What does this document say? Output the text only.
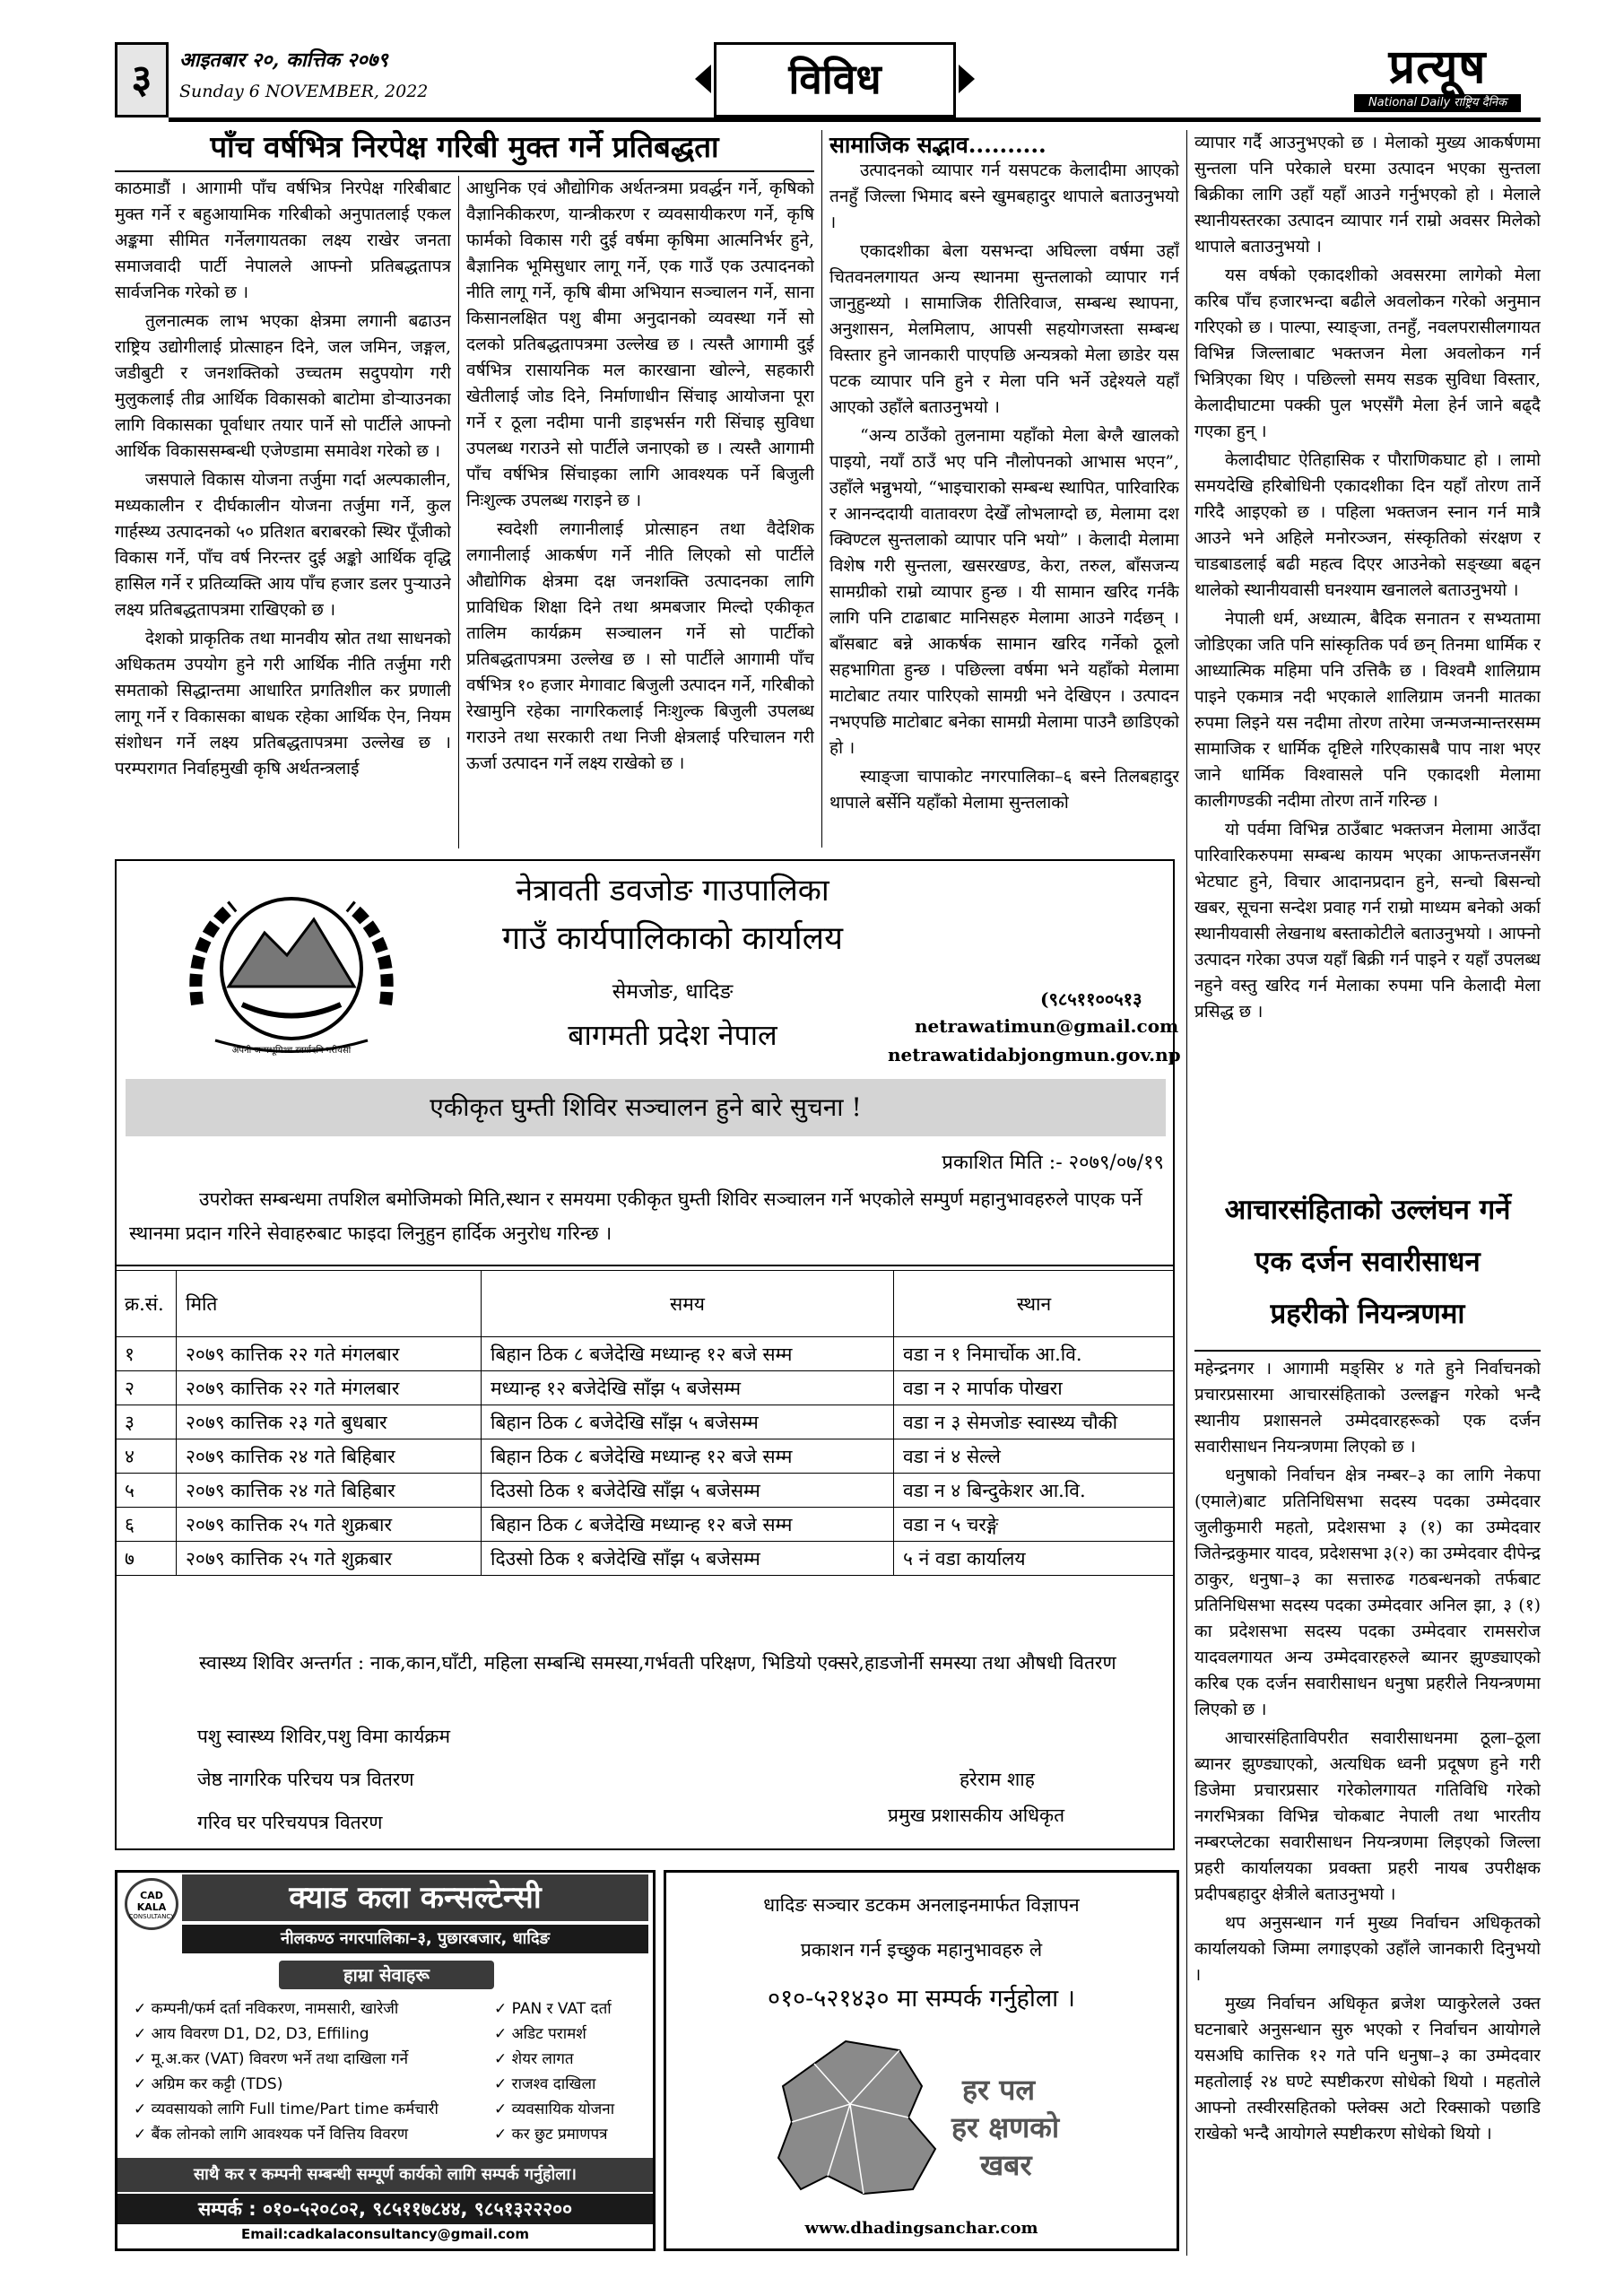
३	आइतबार २०, कात्तिक २०७९
Sunday 6 NOVEMBER, 2022	विविध	प्रत्यूष
National Daily राष्ट्रिय दैनिक
पाँच वर्षभित्र निरपेक्ष गरिबी मुक्त गर्ने प्रतिबद्धता

काठमाडौं । आगामी पाँच वर्षभित्र निरपेक्ष गरिबीबाट मुक्त गर्ने र बहुआयामिक गरिबीको अनुपातलाई एकल अङ्कमा सीमित गर्नेलगायतका लक्ष्य राखेर जनता समाजवादी पार्टी नेपालले आफ्नो प्रतिबद्धतापत्र सार्वजनिक गरेको छ ।

तुलनात्मक लाभ भएका क्षेत्रमा लगानी बढाउन राष्ट्रिय उद्योगीलाई प्रोत्साहन दिने, जल जमिन, जङ्गल, जडीबुटी र जनशक्तिको उच्चतम सदुपयोग गरी मुलुकलाई तीव्र आर्थिक विकासको बाटोमा डोऱ्याउनका लागि विकासका पूर्वाधार तयार पार्ने सो पार्टीले आफ्नो आर्थिक विकाससम्बन्धी एजेण्डामा समावेश गरेको छ ।

जसपाले विकास योजना तर्जुमा गर्दा अल्पकालीन, मध्यकालीन र दीर्घकालीन योजना तर्जुमा गर्ने, कुल गार्हस्थ्य उत्पादनको ५० प्रतिशत बराबरको स्थिर पूँजीको विकास गर्ने, पाँच वर्ष निरन्तर दुई अङ्को आर्थिक वृद्धि हासिल गर्ने र प्रतिव्यक्ति आय पाँच हजार डलर पुऱ्याउने लक्ष्य प्रतिबद्धतापत्रमा राखिएको छ ।

देशको प्राकृतिक तथा मानवीय स्रोत तथा साधनको अधिकतम उपयोग हुने गरी आर्थिक नीति तर्जुमा गरी समताको सिद्धान्तमा आधारित प्रगतिशील कर प्रणाली लागू गर्ने र विकासका बाधक रहेका आर्थिक ऐन, नियम संशोधन गर्ने लक्ष्य प्रतिबद्धतापत्रमा उल्लेख छ । परम्परागत निर्वाहमुखी कृषि अर्थतन्त्रलाई

आधुनिक एवं औद्योगिक अर्थतन्त्रमा प्रवर्द्धन गर्ने, कृषिको वैज्ञानिकीकरण, यान्त्रीकरण र व्यवसायीकरण गर्ने, कृषि फार्मको विकास गरी दुई वर्षमा कृषिमा आत्मनिर्भर हुने, बैज्ञानिक भूमिसुधार लागू गर्ने, एक गाउँ एक उत्पादनको नीति लागू गर्ने, कृषि बीमा अभियान सञ्चालन गर्ने, साना किसानलक्षित पशु बीमा अनुदानको व्यवस्था गर्ने सो दलको प्रतिबद्धतापत्रमा उल्लेख छ । त्यस्तै आगामी दुई वर्षभित्र रासायनिक मल कारखाना खोल्ने, सहकारी खेतीलाई जोड दिने, निर्माणाधीन सिंचाइ आयोजना पूरा गर्ने र ठूला नदीमा पानी डाइभर्सन गरी सिंचाइ सुविधा उपलब्ध गराउने सो पार्टीले जनाएको छ । त्यस्तै आगामी पाँच वर्षभित्र सिंचाइका लागि आवश्यक पर्ने बिजुली निःशुल्क उपलब्ध गराइने छ ।

स्वदेशी लगानीलाई प्रोत्साहन तथा वैदेशिक लगानीलाई आकर्षण गर्ने नीति लिएको सो पार्टीले औद्योगिक क्षेत्रमा दक्ष जनशक्ति उत्पादनका लागि प्राविधिक शिक्षा दिने तथा श्रमबजार मिल्दो एकीकृत तालिम कार्यक्रम सञ्चालन गर्ने सो पार्टीको प्रतिबद्धतापत्रमा उल्लेख छ । सो पार्टीले आगामी पाँच वर्षभित्र १० हजार मेगावाट बिजुली उत्पादन गर्ने, गरिबीको रेखामुनि रहेका नागरिकलाई निःशुल्क बिजुली उपलब्ध गराउने तथा सरकारी तथा निजी क्षेत्रलाई परिचालन गरी ऊर्जा उत्पादन गर्ने लक्ष्य राखेको छ ।

सामाजिक सद्भाव..........

उत्पादनको व्यापार गर्न यसपटक केलादीमा आएको तनहुँ जिल्ला भिमाद बस्ने खुमबहादुर थापाले बताउनुभयो ।

एकादशीका बेला यसभन्दा अघिल्ला वर्षमा उहाँ चितवनलगायत अन्य स्थानमा सुन्तलाको व्यापार गर्न जानुहुन्थ्यो । सामाजिक रीतिरिवाज, सम्बन्ध स्थापना, अनुशासन, मेलमिलाप, आपसी सहयोगजस्ता सम्बन्ध विस्तार हुने जानकारी पाएपछि अन्यत्रको मेला छाडेर यस पटक व्यापार पनि हुने र मेला पनि भर्ने उद्देश्यले यहाँ आएको उहाँले बताउनुभयो ।

“अन्य ठाउँको तुलनामा यहाँको मेला बेग्लै खालको पाइयो, नयाँ ठाउँ भए पनि नौलोपनको आभास भएन”, उहाँले भन्नुभयो, “भाइचाराको सम्बन्ध स्थापित, पारिवारिक र आनन्ददायी वातावरण देखेँ लोभलाग्दो छ, मेलामा दश क्विण्टल सुन्तलाको व्यापार पनि भयो” । केलादी मेलामा विशेष गरी सुन्तला, खसरखण्ड, केरा, तरुल, बाँसजन्य सामग्रीको राम्रो व्यापार हुन्छ । यी सामान खरिद गर्नकै लागि पनि टाढाबाट मानिसहरु मेलामा आउने गर्दछन् । बाँसबाट बन्ने आकर्षक सामान खरिद गर्नेको ठूलो सहभागिता हुन्छ । पछिल्ला वर्षमा भने यहाँको मेलामा माटोबाट तयार पारिएको सामग्री भने देखिएन । उत्पादन नभएपछि माटोबाट बनेका सामग्री मेलामा पाउनै छाडिएको हो ।

स्याङ्जा चापाकोट नगरपालिका–६ बस्ने तिलबहादुर थापाले बर्सेनि यहाँको मेलामा सुन्तलाको

व्यापार गर्दै आउनुभएको छ । मेलाको मुख्य आकर्षणमा सुन्तला पनि परेकाले घरमा उत्पादन भएका सुन्तला बिक्रीका लागि उहाँ यहाँ आउने गर्नुभएको हो । मेलाले स्थानीयस्तरका उत्पादन व्यापार गर्न राम्रो अवसर मिलेको थापाले बताउनुभयो ।

यस वर्षको एकादशीको अवसरमा लागेको मेला करिब पाँच हजारभन्दा बढीले अवलोकन गरेको अनुमान गरिएको छ । पाल्पा, स्याङ्जा, तनहुँ, नवलपरासीलगायत विभिन्न जिल्लाबाट भक्तजन मेला अवलोकन गर्न भित्रिएका थिए । पछिल्लो समय सडक सुविधा विस्तार, केलादीघाटमा पक्की पुल भएसँगै मेला हेर्न जाने बढ्दै गएका हुन् ।

केलादीघाट ऐतिहासिक र पौराणिकघाट हो । लामो समयदेखि हरिबोधिनी एकादशीका दिन यहाँ तोरण तार्ने गरिदै आइएको छ । पहिला भक्तजन स्नान गर्न मात्रै आउने भने अहिले मनोरञ्जन, संस्कृतिको संरक्षण र चाडबाडलाई बढी महत्व दिएर आउनेको सङ्ख्या बढ्न थालेको स्थानीयवासी घनश्याम खनालले बताउनुभयो ।

नेपाली धर्म, अध्यात्म, बैदिक सनातन र सभ्यतामा जोडिएका जति पनि सांस्कृतिक पर्व छन् तिनमा धार्मिक र आध्यात्मिक महिमा पनि उत्तिकै छ । विश्वमै शालिग्राम पाइने एकमात्र नदी भएकाले शालिग्राम जननी मातका रुपमा लिइने यस नदीमा तोरण तारेमा जन्मजन्मान्तरसम्म सामाजिक र धार्मिक दृष्टिले गरिएकासबै पाप नाश भएर जाने धार्मिक विश्वासले पनि एकादशी मेलामा कालीगण्डकी नदीमा तोरण तार्ने गरिन्छ ।

यो पर्वमा विभिन्न ठाउँबाट भक्तजन मेलामा आउँदा पारिवारिकरुपमा सम्बन्ध कायम भएका आफन्तजनसँग भेटघाट हुने, विचार आदानप्रदान हुने, सन्चो बिसन्चो खबर, सूचना सन्देश प्रवाह गर्न राम्रो माध्यम बनेको अर्का स्थानीयवासी लेखनाथ बस्ताकोटीले बताउनुभयो । आफ्नो उत्पादन गरेका उपज यहाँ बिक्री गर्न पाइने र यहाँ उपलब्ध नहुने वस्तु खरिद गर्न मेलाका रुपमा पनि केलादी मेला प्रसिद्ध छ ।

आचारसंहिताको उल्लंघन गर्ने
एक दर्जन सवारीसाधन
प्रहरीको नियन्त्रणमा

महेन्द्रनगर । आगामी मङ्सिर ४ गते हुने निर्वाचनको प्रचारप्रसारमा आचारसंहिताको उल्लङ्घन गरेको भन्दै स्थानीय प्रशासनले उम्मेदवारहरूको एक दर्जन सवारीसाधन नियन्त्रणमा लिएको छ ।

धनुषाको निर्वाचन क्षेत्र नम्बर–३ का लागि नेकपा (एमाले)बाट प्रतिनिधिसभा सदस्य पदका उम्मेदवार जुलीकुमारी महतो, प्रदेशसभा ३ (१) का उम्मेदवार जितेन्द्रकुमार यादव, प्रदेशसभा ३(२) का उम्मेदवार दीपेन्द्र ठाकुर, धनुषा–३ का सत्तारुढ गठबन्धनको तर्फबाट प्रतिनिधिसभा सदस्य पदका उम्मेदवार अनिल झा, ३ (१) का प्रदेशसभा सदस्य पदका उम्मेदवार रामसरोज यादवलगायत अन्य उम्मेदवारहरुले ब्यानर झुण्ड्याएको करिब एक दर्जन सवारीसाधन धनुषा प्रहरीले नियन्त्रणमा लिएको छ ।

आचारसंहिताविपरीत सवारीसाधनमा ठूला–ठूला ब्यानर झुण्ड्याएको, अत्यधिक ध्वनी प्रदूषण हुने गरी डिजेमा प्रचारप्रसार गरेकोलगायत गतिविधि गरेको नगरभित्रका विभिन्न चोकबाट नेपाली तथा भारतीय नम्बरप्लेटका सवारीसाधन नियन्त्रणमा लिइएको जिल्ला प्रहरी कार्यालयका प्रवक्ता प्रहरी नायब उपरीक्षक प्रदीपबहादुर क्षेत्रीले बताउनुभयो ।

थप अनुसन्धान गर्न मुख्य निर्वाचन अधिकृतको कार्यालयको जिम्मा लगाइएको उहाँले जानकारी दिनुभयो ।

मुख्य निर्वाचन अधिकृत ब्रजेश प्याकुरेलले उक्त घटनाबारे अनुसन्धान सुरु भएको र निर्वाचन आयोगले यसअघि कात्तिक १२ गते पनि धनुषा–३ का उम्मेदवार महतोलाई २४ घण्टे स्पष्टीकरण सोधेको थियो । महतोले आफ्नो तस्वीरसहितको फ्लेक्स अटो रिक्साको पछाडि राखेको भन्दै आयोगले स्पष्टीकरण सोधेको थियो ।

अपनी जन्मभूमिश्च स्वर्गादपि गरीयसी
नेत्रावती डवजोङ गाउपालिका
गाउँ कार्यपालिकाको कार्यालय
सेमजोङ, धादिङ
बागमती प्रदेश नेपाल
(९८५११००५१३
netrawatimun@gmail.com
netrawatidabjongmun.gov.np
एकीकृत घुम्ती शिविर सञ्चालन हुने बारे सुचना !
प्रकाशित मिति :- २०७९/०७/१९
उपरोक्त सम्बन्धमा तपशिल बमोजिमको मिति,स्थान र समयमा एकीकृत घुम्ती शिविर सञ्चालन गर्ने भएकोले सम्पुर्ण महानुभावहरुले पाएक पर्ने स्थानमा प्रदान गरिने सेवाहरुबाट फाइदा लिनुहुन हार्दिक अनुरोध गरिन्छ ।
क्र.सं.	मिति	समय	स्थान
१	२०७९ कात्तिक २२ गते मंगलबार	बिहान ठिक ८ बजेदेखि मध्यान्ह १२ बजे सम्म	वडा न १ निमार्चोक आ.वि.
२	२०७९ कात्तिक २२ गते मंगलबार	मध्यान्ह १२ बजेदेखि साँझ ५ बजेसम्म	वडा न २ मार्पाक पोखरा
३	२०७९ कात्तिक २३ गते बुधबार	बिहान ठिक ८ बजेदेखि साँझ ५ बजेसम्म	वडा न ३ सेमजोङ स्वास्थ्य चौकी
४	२०७९ कात्तिक २४ गते बिहिबार	बिहान ठिक ८ बजेदेखि मध्यान्ह १२ बजे सम्म	वडा नं ४ सेल्ले
५	२०७९ कात्तिक २४ गते बिहिबार	दिउसो ठिक १ बजेदेखि साँझ ५ बजेसम्म	वडा न ४ बिन्दुकेशर आ.वि.
६	२०७९ कात्तिक २५ गते शुक्रबार	बिहान ठिक ८ बजेदेखि मध्यान्ह १२ बजे सम्म	वडा न ५ चरङ्गे
७	२०७९ कात्तिक २५ गते शुक्रबार	दिउसो ठिक १ बजेदेखि साँझ ५ बजेसम्म	५ नं वडा कार्यालय
स्वास्थ्य शिविर अन्तर्गत : नाक,कान,घाँटी, महिला सम्बन्धि समस्या,गर्भवती परिक्षण, भिडियो एक्सरे,हाडजोर्नी समस्या तथा औषधी वितरण
पशु स्वास्थ्य शिविर,पशु विमा कार्यक्रम
जेष्ठ नागरिक परिचय पत्र वितरण
गरिव घर परिचयपत्र वितरण
हरेराम शाह
प्रमुख प्रशासकीय अधिकृत
CAD KALA
CONSULTANCY
क्याड कला कन्सल्टेन्सी
नीलकण्ठ नगरपालिका–३, पुछारबजार, धादिङ
हाम्रा सेवाहरू
✓ कम्पनी/फर्म दर्ता नविकरण, नामसारी, खारेजी
✓ आय विवरण D1, D2, D3, Effiling
✓ मू.अ.कर (VAT) विवरण भर्ने तथा दाखिला गर्ने
✓ अग्रिम कर कट्टी (TDS)
✓ व्यवसायको लागि Full time/Part time कर्मचारी
✓ बैंक लोनको लागि आवश्यक पर्ने वित्तिय विवरण
✓ PAN र VAT दर्ता
✓ अडिट परामर्श
✓ शेयर लागत
✓ राजश्व दाखिला
✓ व्यवसायिक योजना
✓ कर छुट प्रमाणपत्र
साथै कर र कम्पनी सम्बन्धी सम्पूर्ण कार्यको लागि सम्पर्क गर्नुहोला।
सम्पर्क : ०१०-५२०८०२, ९८५११७८४४, ९८५१३२२२००
Email:cadkalaconsultancy@gmail.com
धादिङ सञ्चार डटकम अनलाइनमार्फत विज्ञापन
प्रकाशन गर्न इच्छुक महानुभावहरु ले
०१०-५२१४३० मा सम्पर्क गर्नुहोला ।
हर पल
हर क्षणको
खबर
www.dhadingsanchar.com
